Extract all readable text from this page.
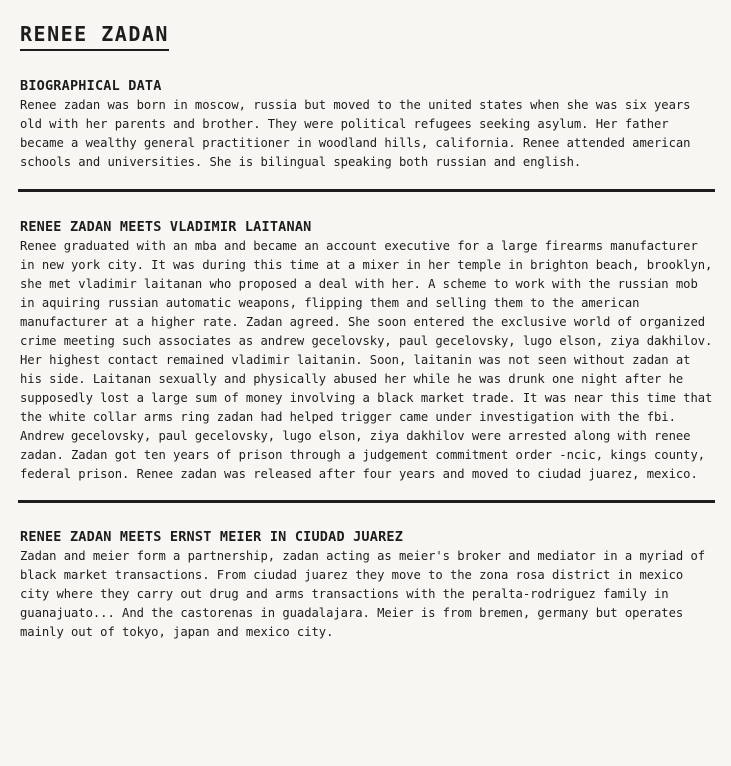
RENEE ZADAN
BIOGRAPHICAL DATA

Renee zadan was born in moscow, russia but moved to the united states when she was six years old with her parents and brother. They were political refugees seeking asylum. Her father became a wealthy general practitioner in woodland hills, california. Renee attended american schools and universities. She is bilingual speaking both russian and english.

RENEE ZADAN MEETS VLADIMIR LAITANAN

Renee graduated with an mba and became an account executive for a large firearms manufacturer in new york city. It was during this time at a mixer in her temple in brighton beach, brooklyn, she met vladimir laitanan who proposed a deal with her. A scheme to work with the russian mob in aquiring russian automatic weapons, flipping them and selling them to the american manufacturer at a higher rate. Zadan agreed. She soon entered the exclusive world of organized crime meeting such associates as andrew gecelovsky, paul gecelovsky, lugo elson, ziya dakhilov. Her highest contact remained vladimir laitanin. Soon, laitanin was not seen without zadan at his side. Laitanan sexually and physically abused her while he was drunk one night after he supposedly lost a large sum of money involving a black market trade. It was near this time that the white collar arms ring zadan had helped trigger came under investigation with the fbi. Andrew gecelovsky, paul gecelovsky, lugo elson, ziya dakhilov were arrested along with renee zadan. Zadan got ten years of prison through a judgement commitment order -ncic, kings county, federal prison. Renee zadan was released after four years and moved to ciudad juarez, mexico.

RENEE ZADAN MEETS ERNST MEIER IN CIUDAD JUAREZ

Zadan and meier form a partnership, zadan acting as meier's broker and mediator in a myriad of black market transactions. From ciudad juarez they move to the zona rosa district in mexico city where they carry out drug and arms transactions with the peralta-rodriguez family in guanajuato... And the castorenas in guadalajara. Meier is from bremen, germany but operates mainly out of tokyo, japan and mexico city.
